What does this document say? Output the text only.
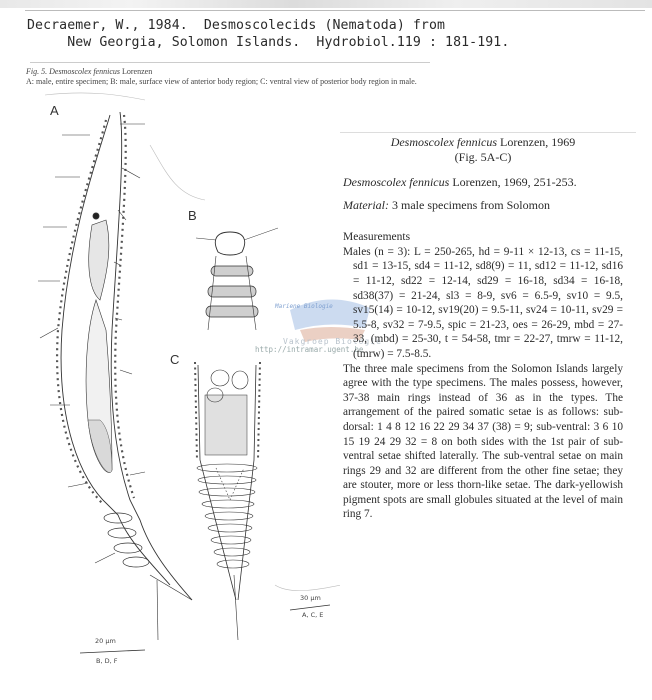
Decraemer, W., 1984.  Desmoscolecids (Nematoda) from
New Georgia, Solomon Islands.  Hydrobiol.119 : 181-191.
Fig. 5. Desmoscolex fennicus Lorenzen
A: male, entire specimen; B: male, surface view of anterior body region; C: ventral view of posterior body region in male.
A
B
C
20 μm
B, D, F
30 μm
A, C, E
Mariene Biologie
Vakgroep Biologie
http://intramar.ugent.be
Desmoscolex fennicus Lorenzen, 1969
(Fig. 5A-C)
Desmoscolex fennicus Lorenzen, 1969, 251-253.
Material: 3 male specimens from Solomon
Measurements
Males (n = 3): L = 250-265, hd = 9-11 × 12-13, cs = 11-15, sd1 = 13-15, sd4 = 11-12, sd8(9) = 11, sd12 = 11-12, sd16 = 11-12, sd22 = 12-14, sd29 = 16-18, sd34 = 16-18, sd38(37) = 21-24, sl3 = 8-9, sv6 = 6.5-9, sv10 = 9.5, sv15(14) = 10-12, sv19(20) = 9.5-11, sv24 = 10-11, sv29 = 5.5-8, sv32 = 7-9.5, spic = 21-23, oes = 26-29, mbd = 27-33, (mbd) = 25-30, t = 54-58, tmr = 22-27, tmrw = 11-12, (tmrw) = 7.5-8.5.
The three male specimens from the Solomon Islands largely agree with the type specimens. The males possess, however, 37-38 main rings instead of 36 as in the types. The arrangement of the paired somatic setae is as follows: sub-dorsal: 1 4 8 12 16 22 29 34 37 (38) = 9; sub-ventral: 3 6 10 15 19 24 29 32 = 8 on both sides with the 1st pair of sub-ventral setae shifted laterally. The sub-ventral setae on main rings 29 and 32 are different from the other fine setae; they are stouter, more or less thorn-like setae. The dark-yellowish pigment spots are small globules situated at the level of main ring 7.
